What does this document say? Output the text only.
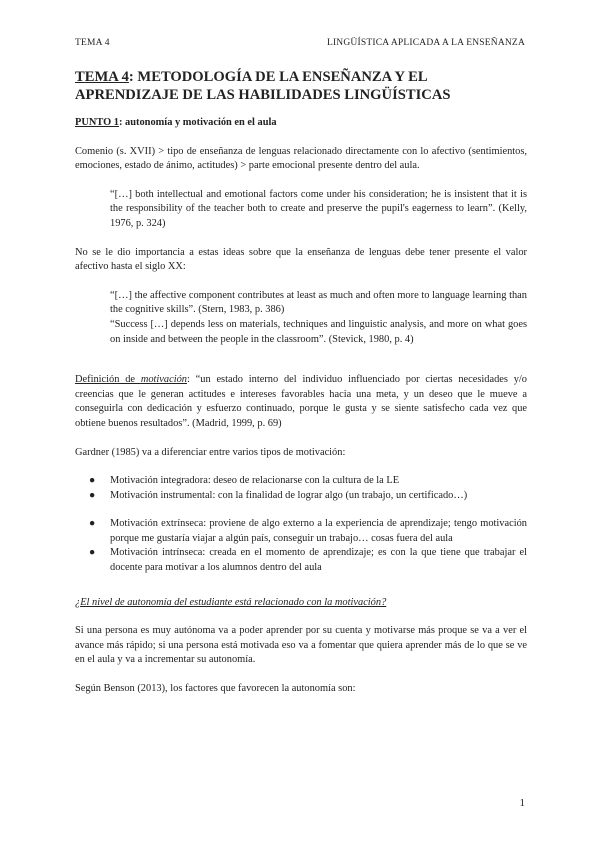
TEMA 4	LINGÜÍSTICA APLICADA A LA ENSEÑANZA
TEMA 4: METODOLOGÍA DE LA ENSEÑANZA Y EL APRENDIZAJE DE LAS HABILIDADES LINGÜÍSTICAS
PUNTO 1: autonomía y motivación en el aula

Comenio (s. XVII) > tipo de enseñanza de lenguas relacionado directamente con lo afectivo (sentimientos, emociones, estado de ánimo, actitudes) > parte emocional presente dentro del aula.

“[…] both intellectual and emotional factors come under his consideration; he is insistent that it is the responsibility of the teacher both to create and preserve the pupil's eagerness to learn”. (Kelly, 1976, p. 324)

No se le dio importancia a estas ideas sobre que la enseñanza de lenguas debe tener presente el valor afectivo hasta el siglo XX:

“[…] the affective component contributes at least as much and often more to language learning than the cognitive skills”. (Stern, 1983, p. 386)
“Success […] depends less on materials, techniques and linguistic analysis, and more on what goes on inside and between the people in the classroom”. (Stevick, 1980, p. 4)

Definición de motivación: “un estado interno del individuo influenciado por ciertas necesidades y/o creencias que le generan actitudes e intereses favorables hacia una meta, y un deseo que le mueve a conseguirla con dedicación y esfuerzo continuado, porque le gusta y se siente satisfecho cada vez que obtiene buenos resultados”. (Madrid, 1999, p. 69)

Gardner (1985) va a diferenciar entre varios tipos de motivación:

● Motivación integradora: deseo de relacionarse con la cultura de la LE
● Motivación instrumental: con la finalidad de lograr algo (un trabajo, un certificado…)
● Motivación extrínseca: proviene de algo externo a la experiencia de aprendizaje; tengo motivación porque me gustaría viajar a algún país, conseguir un trabajo… cosas fuera del aula
● Motivación intrínseca: creada en el momento de aprendizaje; es con la que tiene que trabajar el docente para motivar a los alumnos dentro del aula
¿El nivel de autonomía del estudiante está relacionado con la motivación?

Si una persona es muy autónoma va a poder aprender por su cuenta y motivarse más proque se va a ver el avance más rápido; si una persona está motivada eso va a fomentar que quiera aprender más de lo que se ve en el aula y va a incrementar su autonomía.

Según Benson (2013), los factores que favorecen la autonomía son:

1
